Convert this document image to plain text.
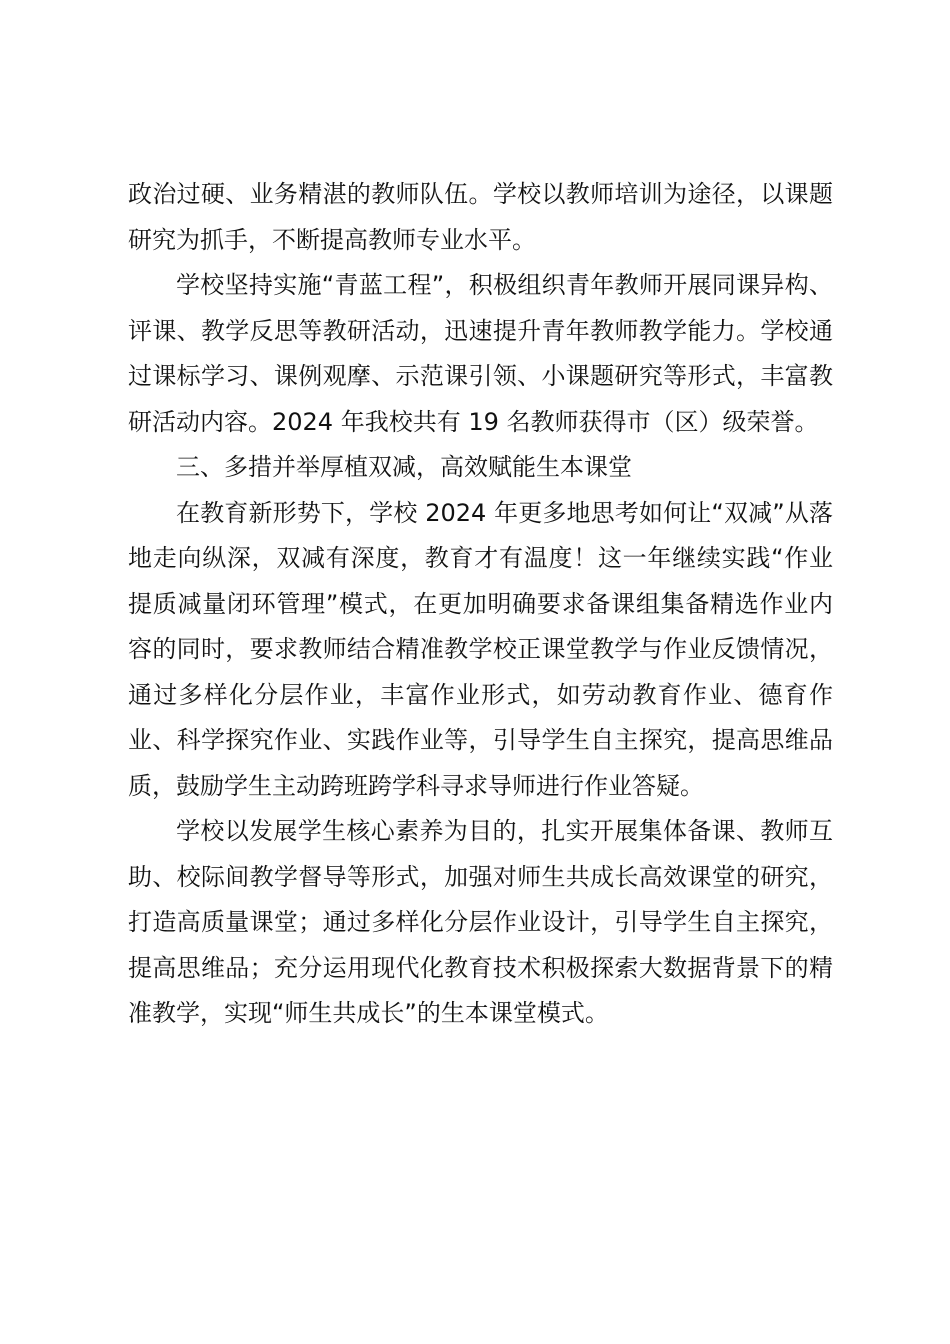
政治过硬、业务精湛的教师队伍。学校以教师培训为途径，以课题研究为抓手，不断提高教师专业水平。

学校坚持实施“青蓝工程”，积极组织青年教师开展同课异构、评课、教学反思等教研活动，迅速提升青年教师教学能力。学校通过课标学习、课例观摩、示范课引领、小课题研究等形式，丰富教研活动内容。2024 年我校共有 19 名教师获得市（区）级荣誉。

三、多措并举厚植双减，高效赋能生本课堂

在教育新形势下，学校 2024 年更多地思考如何让“双减”从落地走向纵深，双减有深度，教育才有温度！这一年继续实践“作业提质减量闭环管理”模式，在更加明确要求备课组集备精选作业内容的同时，要求教师结合精准教学校正课堂教学与作业反馈情况，通过多样化分层作业，丰富作业形式，如劳动教育作业、德育作业、科学探究作业、实践作业等，引导学生自主探究，提高思维品质，鼓励学生主动跨班跨学科寻求导师进行作业答疑。

学校以发展学生核心素养为目的，扎实开展集体备课、教师互助、校际间教学督导等形式，加强对师生共成长高效课堂的研究，打造高质量课堂；通过多样化分层作业设计，引导学生自主探究，提高思维品；充分运用现代化教育技术积极探索大数据背景下的精准教学，实现“师生共成长”的生本课堂模式。
